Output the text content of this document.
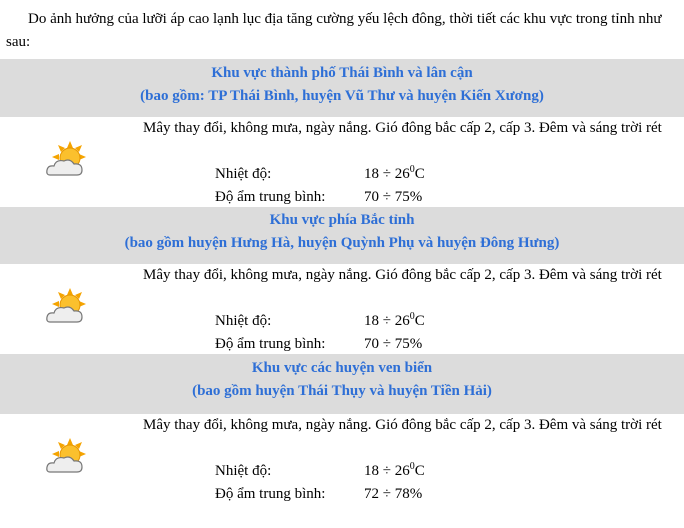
Do ảnh hưởng của lưỡi áp cao lạnh lục địa tăng cường yếu lệch đông, thời tiết các khu vực trong tỉnh như sau:
Khu vực thành phố Thái Bình và lân cận
(bao gồm: TP Thái Bình, huyện Vũ Thư và huyện Kiến Xương)
Mây thay đổi, không mưa, ngày nắng. Gió đông bắc cấp 2, cấp 3. Đêm và sáng trời rét
Nhiệt độ:	$18 \div 26^0C$
Độ ẩm trung bình:	70 ÷ 75%
Khu vực phía Bắc tỉnh
(bao gồm huyện Hưng Hà, huyện Quỳnh Phụ và huyện Đông Hưng)
Mây thay đổi, không mưa, ngày nắng. Gió đông bắc cấp 2, cấp 3. Đêm và sáng trời rét
Nhiệt độ:	$18 \div 26^0C$
Độ ẩm trung bình:	70 ÷ 75%
Khu vực các huyện ven biển
(bao gồm huyện Thái Thụy và huyện Tiền Hải)
Mây thay đổi, không mưa, ngày nắng. Gió đông bắc cấp 2, cấp 3. Đêm và sáng trời rét
Nhiệt độ:	$18 \div 26^0C$
Độ ẩm trung bình:	72 ÷ 78%
